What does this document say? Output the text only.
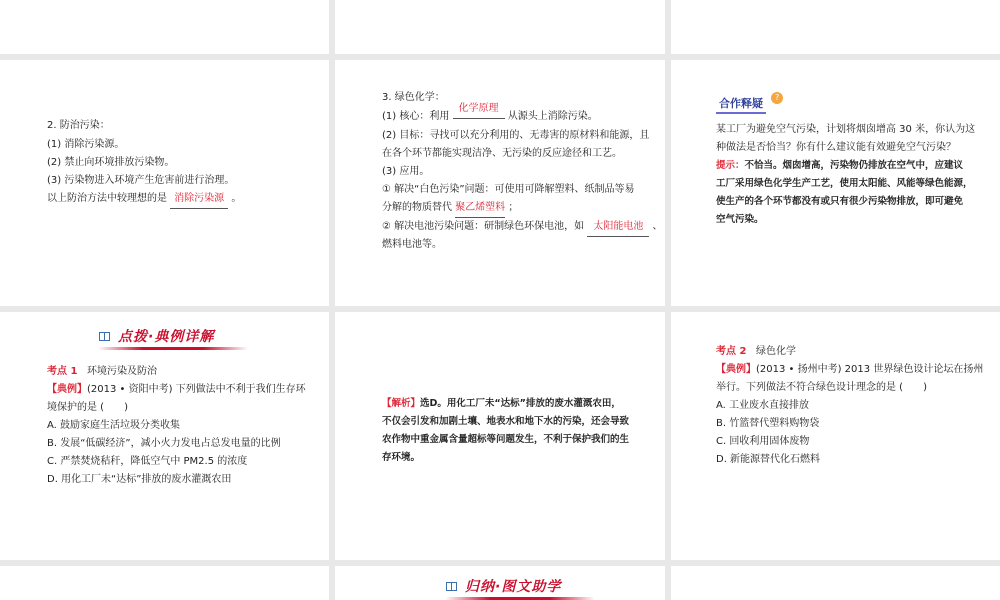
2. 防治污染：
(1) 消除污染源。
(2) 禁止向环境排放污染物。
(3) 污染物进入环境产生危害前进行治理。
以上防治方法中较理想的是 消除污染源 。
3. 绿色化学：
(1) 核心：利用 化学原理 从源头上消除污染。
(2) 目标：寻找可以充分利用的、无毒害的原材料和能源，且
在各个环节都能实现洁净、无污染的反应途径和工艺。
(3) 应用。
① 解决“白色污染”问题：可使用可降解塑料、纸制品等易
分解的物质替代 聚乙烯塑料 ；
② 解决电池污染问题：研制绿色环保电池，如 太阳能电池 、
燃料电池等。
合作释疑 ?
某工厂为避免空气污染，计划将烟囱增高 30 米，你认为这
种做法是否恰当？你有什么建议能有效避免空气污染？
提示：不恰当。烟囱增高，污染物仍排放在空气中，应建议
工厂采用绿色化学生产工艺，使用太阳能、风能等绿色能源，
使生产的各个环节都没有或只有很少污染物排放，即可避免
空气污染。
点拨·典例详解
考点 1 环境污染及防治
【典例】(2013 • 资阳中考) 下列做法中不利于我们生存环
境保护的是 (　　)
A. 鼓励家庭生活垃圾分类收集
B. 发展“低碳经济”，减小火力发电占总发电量的比例
C. 严禁焚烧秸秆，降低空气中 PM2.5 的浓度
D. 用化工厂未“达标”排放的废水灌溉农田
【解析】选D。用化工厂未“达标”排放的废水灌溉农田，
不仅会引发和加剧土壤、地表水和地下水的污染，还会导致
农作物中重金属含量超标等问题发生，不利于保护我们的生
存环境。
考点 2 绿色化学
【典例】(2013 • 扬州中考) 2013 世界绿色设计论坛在扬州
举行。下列做法不符合绿色设计理念的是 (　　)
A. 工业废水直接排放
B. 竹篮替代塑料购物袋
C. 回收利用固体废物
D. 新能源替代化石燃料
归纳·图文助学
